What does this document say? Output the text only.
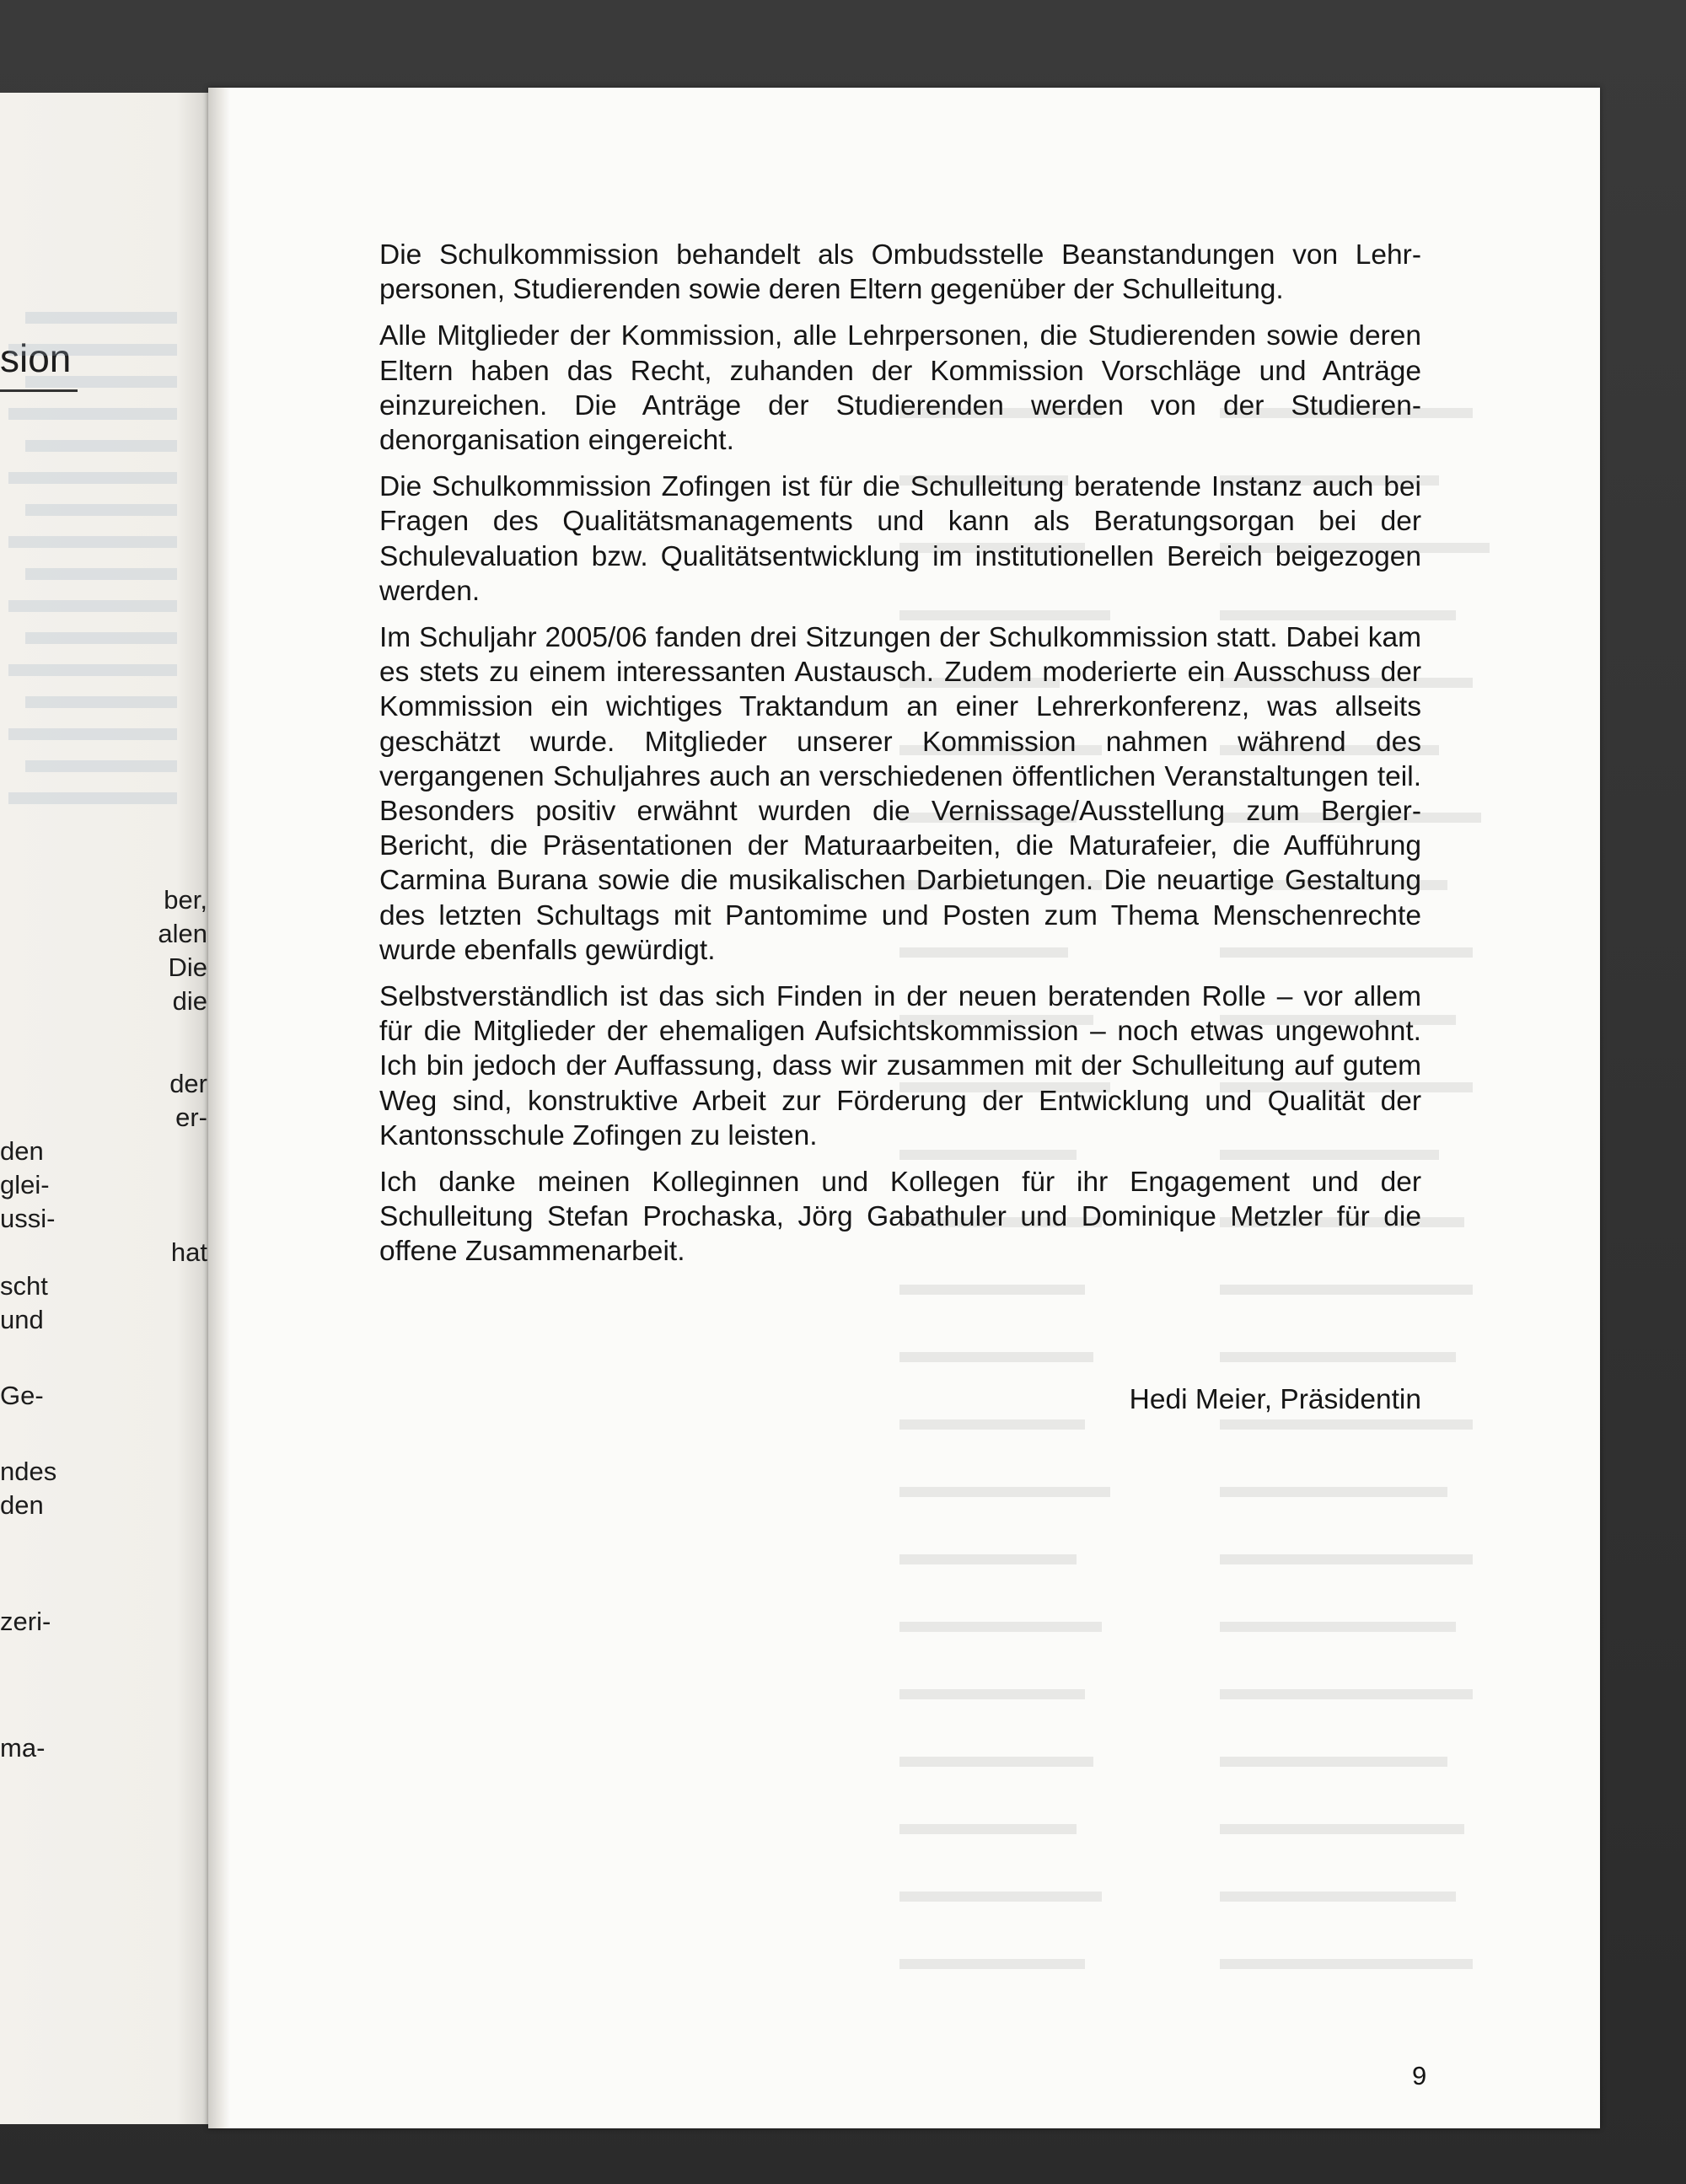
sion
ber,
alen
Die
die
der
er-
den
glei-
ussi-
hat
scht
und
Ge-
ndes
den
zeri-
ma-

Die Schulkommission behandelt als Ombudsstelle Beanstandungen von Lehrpersonen, Studierenden sowie deren Eltern gegenüber der Schulleitung.

Alle Mitglieder der Kommission, alle Lehrpersonen, die Studierenden sowie deren Eltern haben das Recht, zuhanden der Kommission Vorschläge und Anträge einzureichen. Die Anträge der Studierenden werden von der Studierendenorganisation eingereicht.

Die Schulkommission Zofingen ist für die Schulleitung beratende Instanz auch bei Fragen des Qualitätsmanagements und kann als Beratungsorgan bei der Schulevaluation bzw. Qualitätsentwicklung im institutionellen Bereich beigezogen werden.

Im Schuljahr 2005/06 fanden drei Sitzungen der Schulkommission statt. Dabei kam es stets zu einem interessanten Austausch. Zudem moderierte ein Ausschuss der Kommission ein wichtiges Traktandum an einer Lehrerkonferenz, was allseits geschätzt wurde. Mitglieder unserer Kommission nahmen während des vergangenen Schuljahres auch an verschiedenen öffentlichen Veranstaltungen teil. Besonders positiv erwähnt wurden die Vernissage/Ausstellung zum Bergier-Bericht, die Präsentationen der Maturaarbeiten, die Maturafeier, die Aufführung Carmina Burana sowie die musikalischen Darbietungen. Die neuartige Gestaltung des letzten Schultags mit Pantomime und Posten zum Thema Menschenrechte wurde ebenfalls gewürdigt.

Selbstverständlich ist das sich Finden in der neuen beratenden Rolle – vor allem für die Mitglieder der ehemaligen Aufsichtskommission – noch etwas ungewohnt. Ich bin jedoch der Auffassung, dass wir zusammen mit der Schulleitung auf gutem Weg sind, konstruktive Arbeit zur Förderung der Entwicklung und Qualität der Kantonsschule Zofingen zu leisten.

Ich danke meinen Kolleginnen und Kollegen für ihr Engagement und der Schulleitung Stefan Prochaska, Jörg Gabathuler und Dominique Metzler für die offene Zusammenarbeit.

Hedi Meier, Präsidentin
9
